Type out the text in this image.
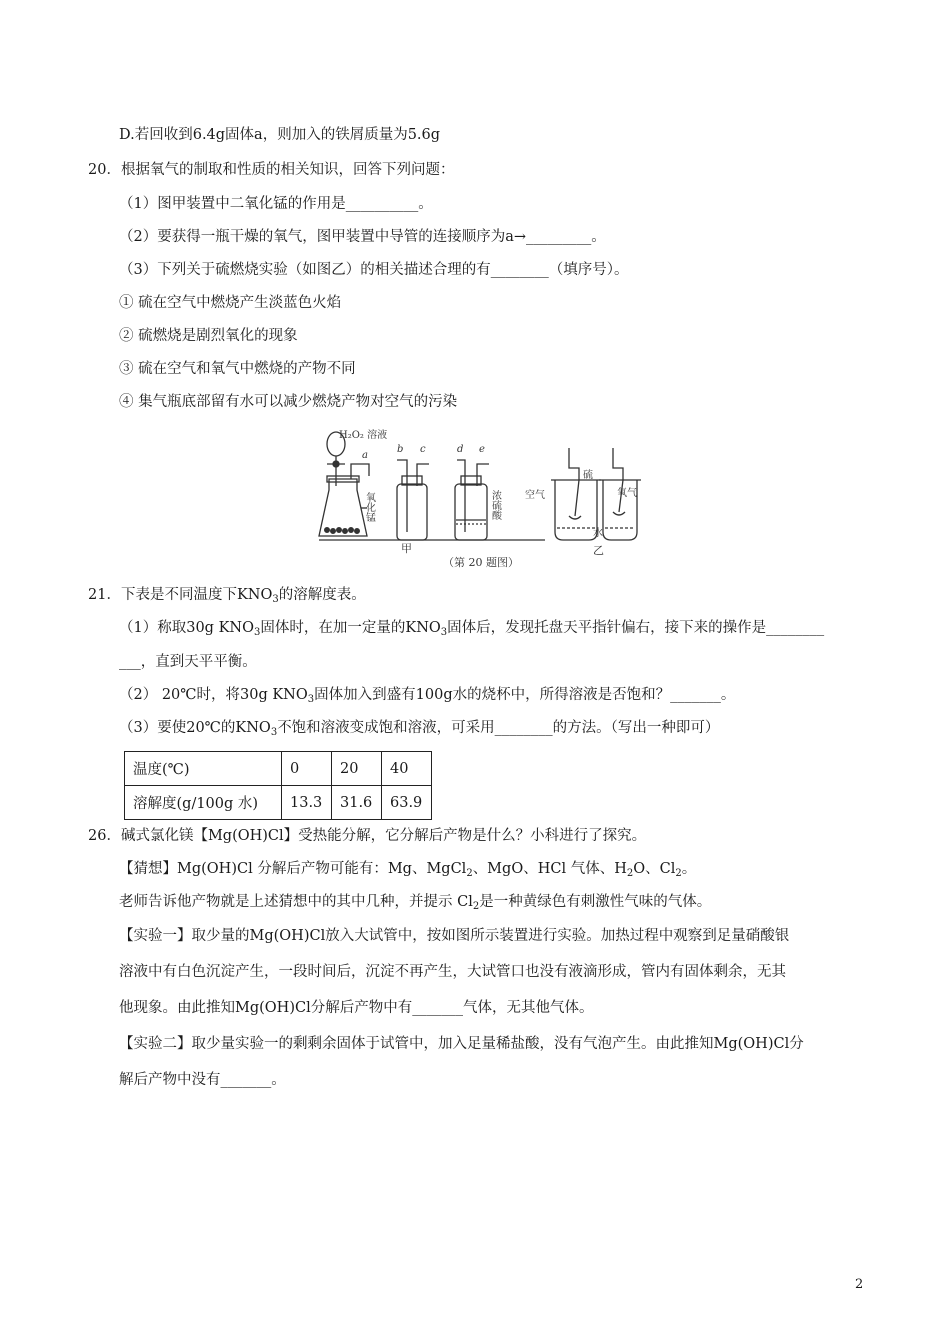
D.若回收到6.4g固体a，则加入的铁屑质量为5.6g
20．根据氧气的制取和性质的相关知识，回答下列问题：
（1）图甲装置中二氧化锰的作用是__________。
（2）要获得一瓶干燥的氧气，图甲装置中导管的连接顺序为a→_________。
（3）下列关于硫燃烧实验（如图乙）的相关描述合理的有________（填序号）。
① 硫在空气中燃烧产生淡蓝色火焰
② 硫燃烧是剧烈氧化的现象
③ 硫在空气和氧气中燃烧的产物不同
④ 集气瓶底部留有水可以减少燃烧产物对空气的污染
H₂O₂ 溶液
a
氧化锰
b c	d e
浓硫酸
甲
空气
硫
氧气
水
乙
（第 20 题图）
21．下表是不同温度下$KNO_3$的溶解度表。
（1）称取30g $KNO_3$固体时，在加一定量的$KNO_3$固体后，发现托盘天平指针偏右，接下来的操作是________
___，直到天平平衡。
（2） 20℃时，将30g $KNO_3$固体加入到盛有100g水的烧杯中，所得溶液是否饱和？_______。
（3）要使20℃的$KNO_3$不饱和溶液变成饱和溶液，可采用________的方法。（写出一种即可）
温度(℃)	0	20	40
溶解度(g/100g 水)	13.3	31.6	63.9
26．碱式氯化镁【Mg(OH)Cl】受热能分解，它分解后产物是什么？小科进行了探究。
【猜想】Mg(OH)Cl 分解后产物可能有：Mg、MgCl$_2$、MgO、HCl 气体、$H_2O$、$Cl_2$。
老师告诉他产物就是上述猜想中的其中几种，并提示 $Cl_2$是一种黄绿色有刺激性气味的气体。
【实验一】取少量的Mg(OH)Cl放入大试管中，按如图所示装置进行实验。加热过程中观察到足量硝酸银
溶液中有白色沉淀产生，一段时间后，沉淀不再产生，大试管口也没有液滴形成，管内有固体剩余，无其
他现象。由此推知Mg(OH)Cl分解后产物中有_______气体，无其他气体。
【实验二】取少量实验一的剩剩余固体于试管中，加入足量稀盐酸，没有气泡产生。由此推知Mg(OH)Cl分
解后产物中没有_______。
2
